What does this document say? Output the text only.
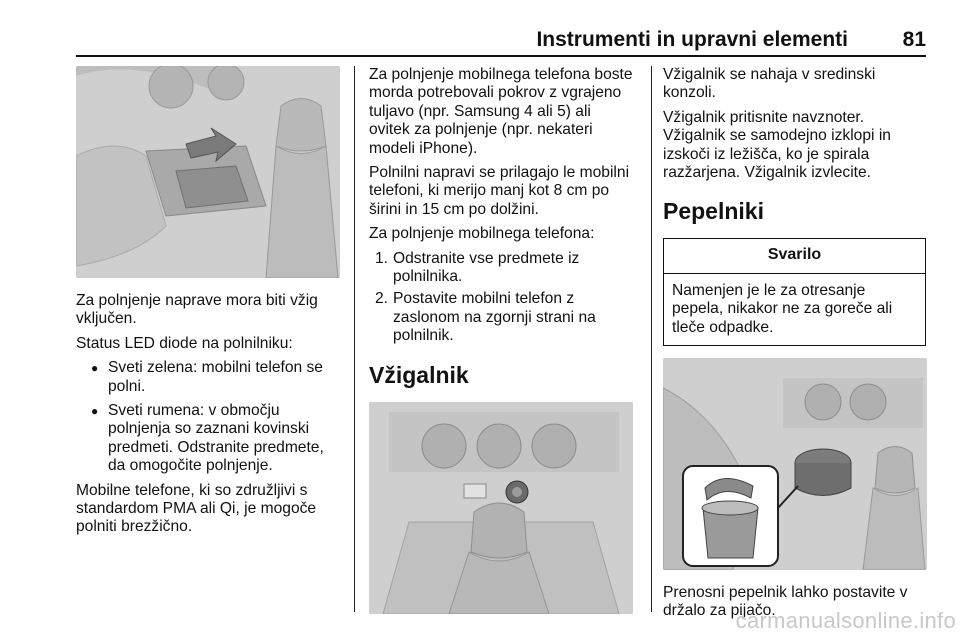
Instrumenti in upravni elementi	81

Za polnjenje naprave mora biti vžig vključen.

Status LED diode na polnilniku:

● Sveti zelena: mobilni telefon se polni.
● Sveti rumena: v območju polnjenja so zaznani kovinski predmeti. Odstranite predmete, da omogočite polnjenje.

Mobilne telefone, ki so združljivi s standardom PMA ali Qi, je mogoče polniti brezžično.

Za polnjenje mobilnega telefona boste morda potrebovali pokrov z vgrajeno tuljavo (npr. Samsung 4 ali 5) ali ovitek za polnjenje (npr. nekateri modeli iPhone).

Polnilni napravi se prilagajo le mobilni telefoni, ki merijo manj kot 8 cm po širini in 15 cm po dolžini.

Za polnjenje mobilnega telefona:

1. Odstranite vse predmete iz polnilnika.
2. Postavite mobilni telefon z zaslonom na zgornji strani na polnilnik.
Vžigalnik

Vžigalnik se nahaja v sredinski konzoli.

Vžigalnik pritisnite navznoter. Vžigalnik se samodejno izklopi in izskoči iz ležišča, ko je spirala razžarjena. Vžigalnik izvlecite.

Pepelniki
Svarilo
Namenjen je le za otresanje pepela, nikakor ne za goreče ali tleče odpadke.

Prenosni pepelnik lahko postavite v držalo za pijačo.

carmanualsonline.info
